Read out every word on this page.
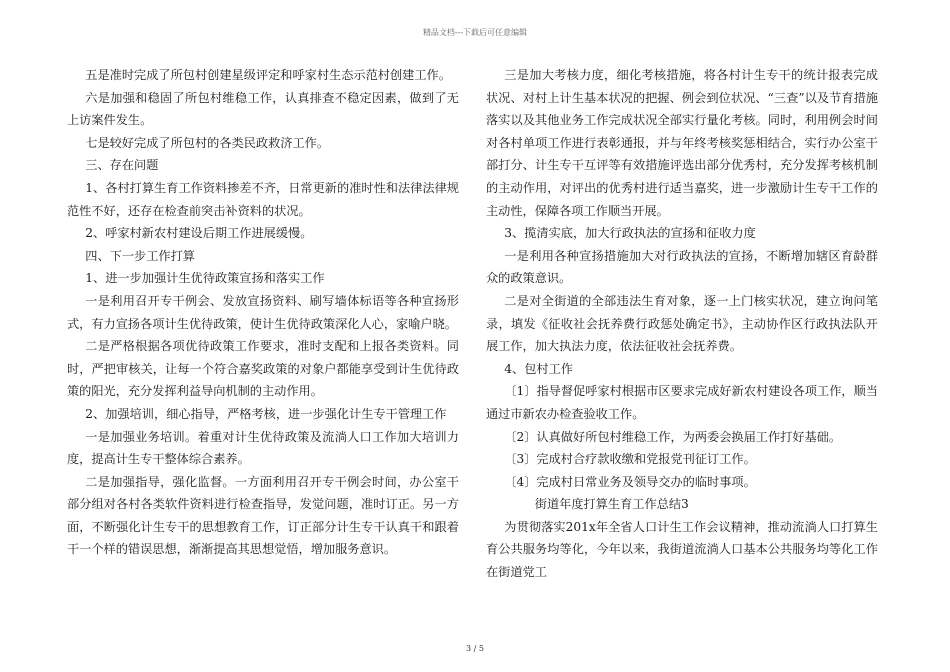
精品文档---下载后可任意编辑

五是准时完成了所包村创建星级评定和呼家村生态示范村创建工作。

六是加强和稳固了所包村维稳工作，认真排查不稳定因素，做到了无上访案件发生。

七是较好完成了所包村的各类民政救济工作。

三、存在问题

1、各村打算生育工作资料掺差不齐，日常更新的准时性和法律法律规范性不好，还存在检查前突击补资料的状况。

2、呼家村新农村建设后期工作进展缓慢。

四、下一步工作打算

1、进一步加强计生优待政策宣扬和落实工作

一是利用召开专干例会、发放宣扬资料、刷写墙体标语等各种宣扬形式，有力宣扬各项计生优待政策，使计生优待政策深化人心，家喻户晓。

二是严格根据各项优待政策工作要求，准时支配和上报各类资料。同时，严把审核关，让每一个符合嘉奖政策的对象户都能享受到计生优待政策的阳光，充分发挥利益导向机制的主动作用。

2、加强培训，细心指导，严格考核，进一步强化计生专干管理工作

一是加强业务培训。着重对计生优待政策及流淌人口工作加大培训力度，提高计生专干整体综合素养。

二是加强指导，强化监督。一方面利用召开专干例会时间，办公室干部分组对各村各类软件资料进行检查指导，发觉问题，准时订正。另一方面，不断强化计生专干的思想教育工作，订正部分计生专干认真干和跟着干一个样的错误思想，渐渐提高其思想觉悟，增加服务意识。

三是加大考核力度，细化考核措施，将各村计生专干的统计报表完成状况、对村上计生基本状况的把握、例会到位状况、“三查”以及节育措施落实以及其他业务工作完成状况全部实行量化考核。同时，利用例会时间对各村单项工作进行表彰通报，并与年终考核奖惩相结合，实行办公室干部打分、计生专干互评等有效措施评选出部分优秀村，充分发挥考核机制的主动作用，对评出的优秀村进行适当嘉奖，进一步激励计生专干工作的主动性，保障各项工作顺当开展。

3、揽清实底，加大行政执法的宣扬和征收力度

一是利用各种宣扬措施加大对行政执法的宣扬，不断增加辖区育龄群众的政策意识。

二是对全街道的全部违法生育对象，逐一上门核实状况，建立询问笔录，填发《征收社会抚养费行政惩处确定书》，主动协作区行政执法队开展工作，加大执法力度，依法征收社会抚养费。

4、包村工作

〔1〕指导督促呼家村根据市区要求完成好新农村建设各项工作，顺当通过市新农办检查验收工作。

〔2〕认真做好所包村维稳工作，为两委会换届工作打好基础。

〔3〕完成村合疗款收缴和党报党刊征订工作。

〔4〕完成村日常业务及领导交办的临时事项。

街道年度打算生育工作总结3

为贯彻落实201x年全省人口计生工作会议精神，推动流淌人口打算生育公共服务均等化，今年以来，我街道流淌人口基本公共服务均等化工作在街道党工

3 / 5
